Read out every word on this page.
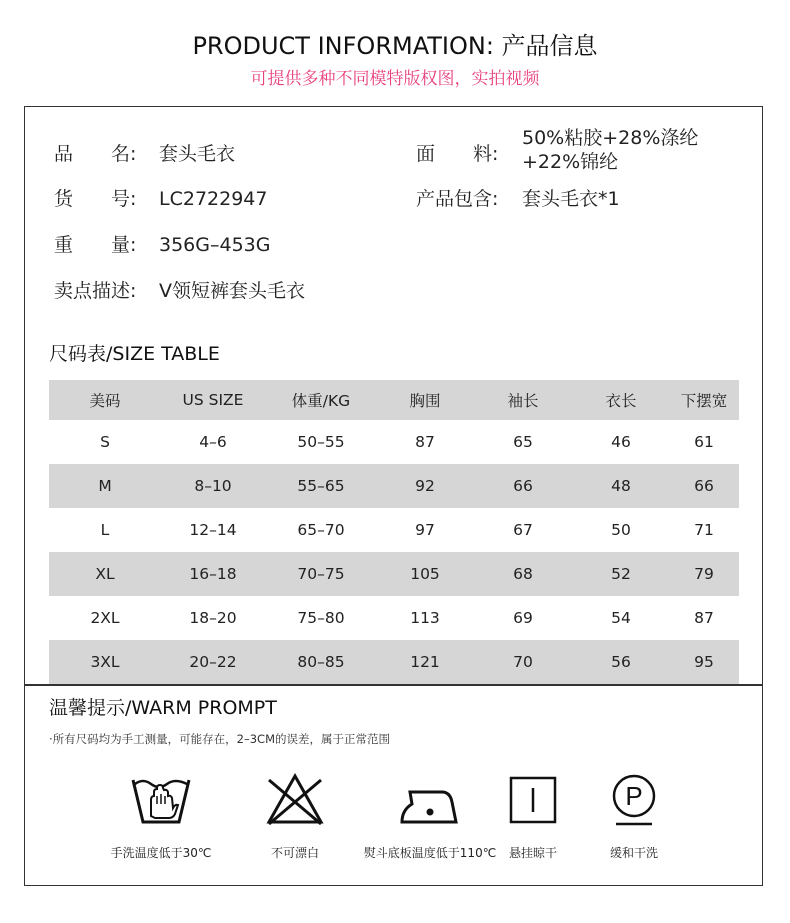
PRODUCT INFORMATION: 产品信息
可提供多种不同模特版权图，实拍视频
品　　名: 套头毛衣
货　　号: LC2722947
重　　量: 356G–453G
卖点描述: V领短裤套头毛衣
面　　料:
50%粘胶+28%涤纶
+22%锦纶
产品包含: 套头毛衣*1
尺码表/SIZE TABLE
美码	US SIZE	体重/KG	胸围	袖长	衣长	下摆宽
S	4–6	50–55	87	65	46	61
M	8–10	55–65	92	66	48	66
L	12–14	65–70	97	67	50	71
XL	16–18	70–75	105	68	52	79
2XL	18–20	75–80	113	69	54	87
3XL	20–22	80–85	121	70	56	95
温馨提示/WARM PROMPT
·所有尺码均为手工测量，可能存在，2–3CM的误差，属于正常范围
手洗温度低于30℃	不可漂白	熨斗底板温度低于110℃	悬挂晾干
P
缓和干洗
